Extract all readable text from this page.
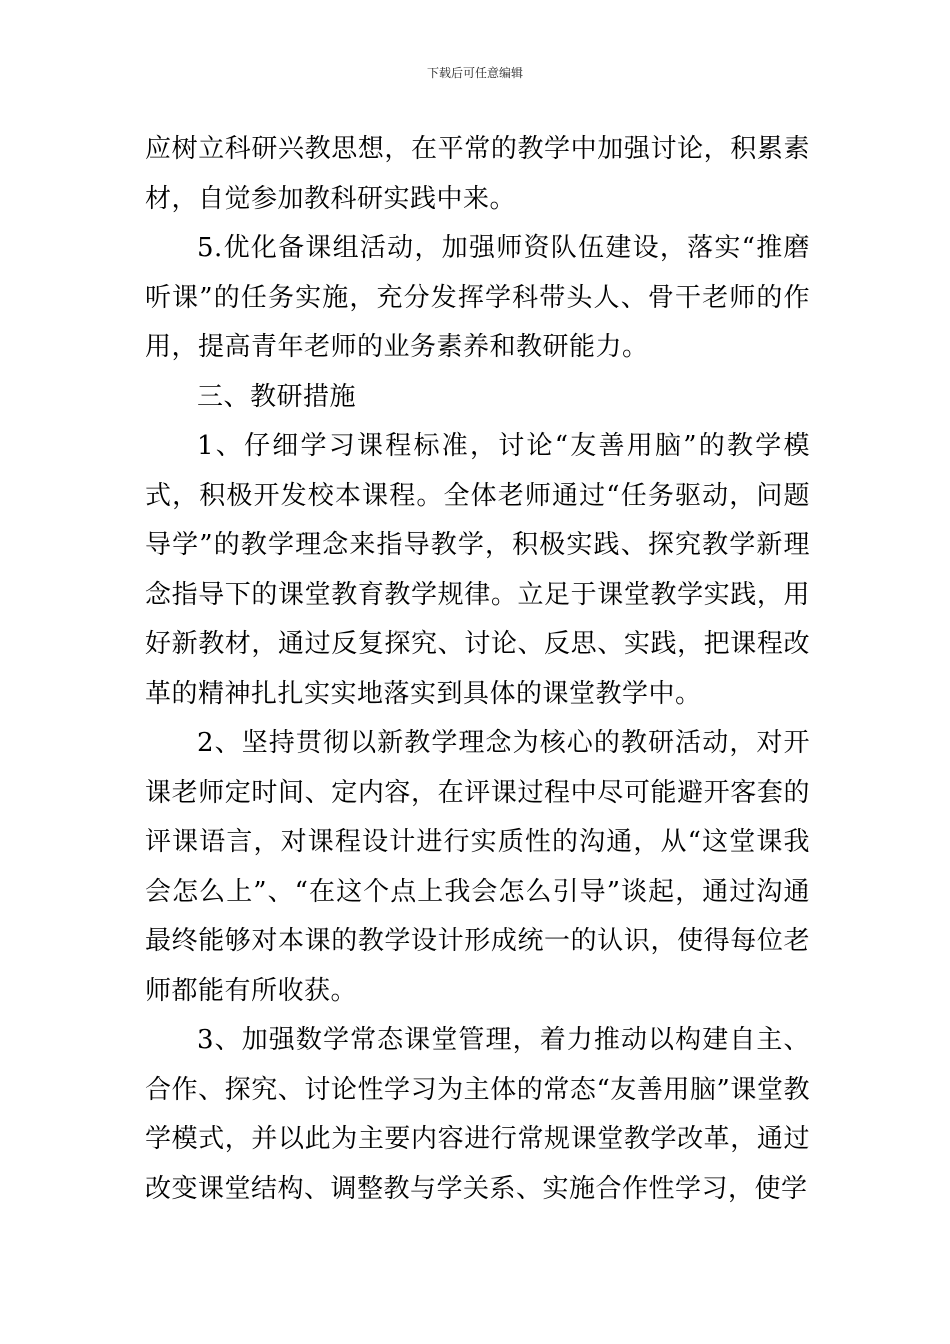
下载后可任意编辑

应树立科研兴教思想，在平常的教学中加强讨论，积累素材，自觉参加教科研实践中来。

5.优化备课组活动，加强师资队伍建设，落实“推磨听课”的任务实施，充分发挥学科带头人、骨干老师的作用，提高青年老师的业务素养和教研能力。

三、教研措施

1、仔细学习课程标准，讨论“友善用脑”的教学模式，积极开发校本课程。全体老师通过“任务驱动，问题导学”的教学理念来指导教学，积极实践、探究教学新理念指导下的课堂教育教学规律。立足于课堂教学实践，用好新教材，通过反复探究、讨论、反思、实践，把课程改革的精神扎扎实实地落实到具体的课堂教学中。

2、坚持贯彻以新教学理念为核心的教研活动，对开课老师定时间、定内容，在评课过程中尽可能避开客套的评课语言，对课程设计进行实质性的沟通，从“这堂课我会怎么上”、“在这个点上我会怎么引导”谈起，通过沟通最终能够对本课的教学设计形成统一的认识，使得每位老师都能有所收获。

3、加强数学常态课堂管理，着力推动以构建自主、合作、探究、讨论性学习为主体的常态“友善用脑”课堂教学模式，并以此为主要内容进行常规课堂教学改革，通过改变课堂结构、调整教与学关系、实施合作性学习，使学
